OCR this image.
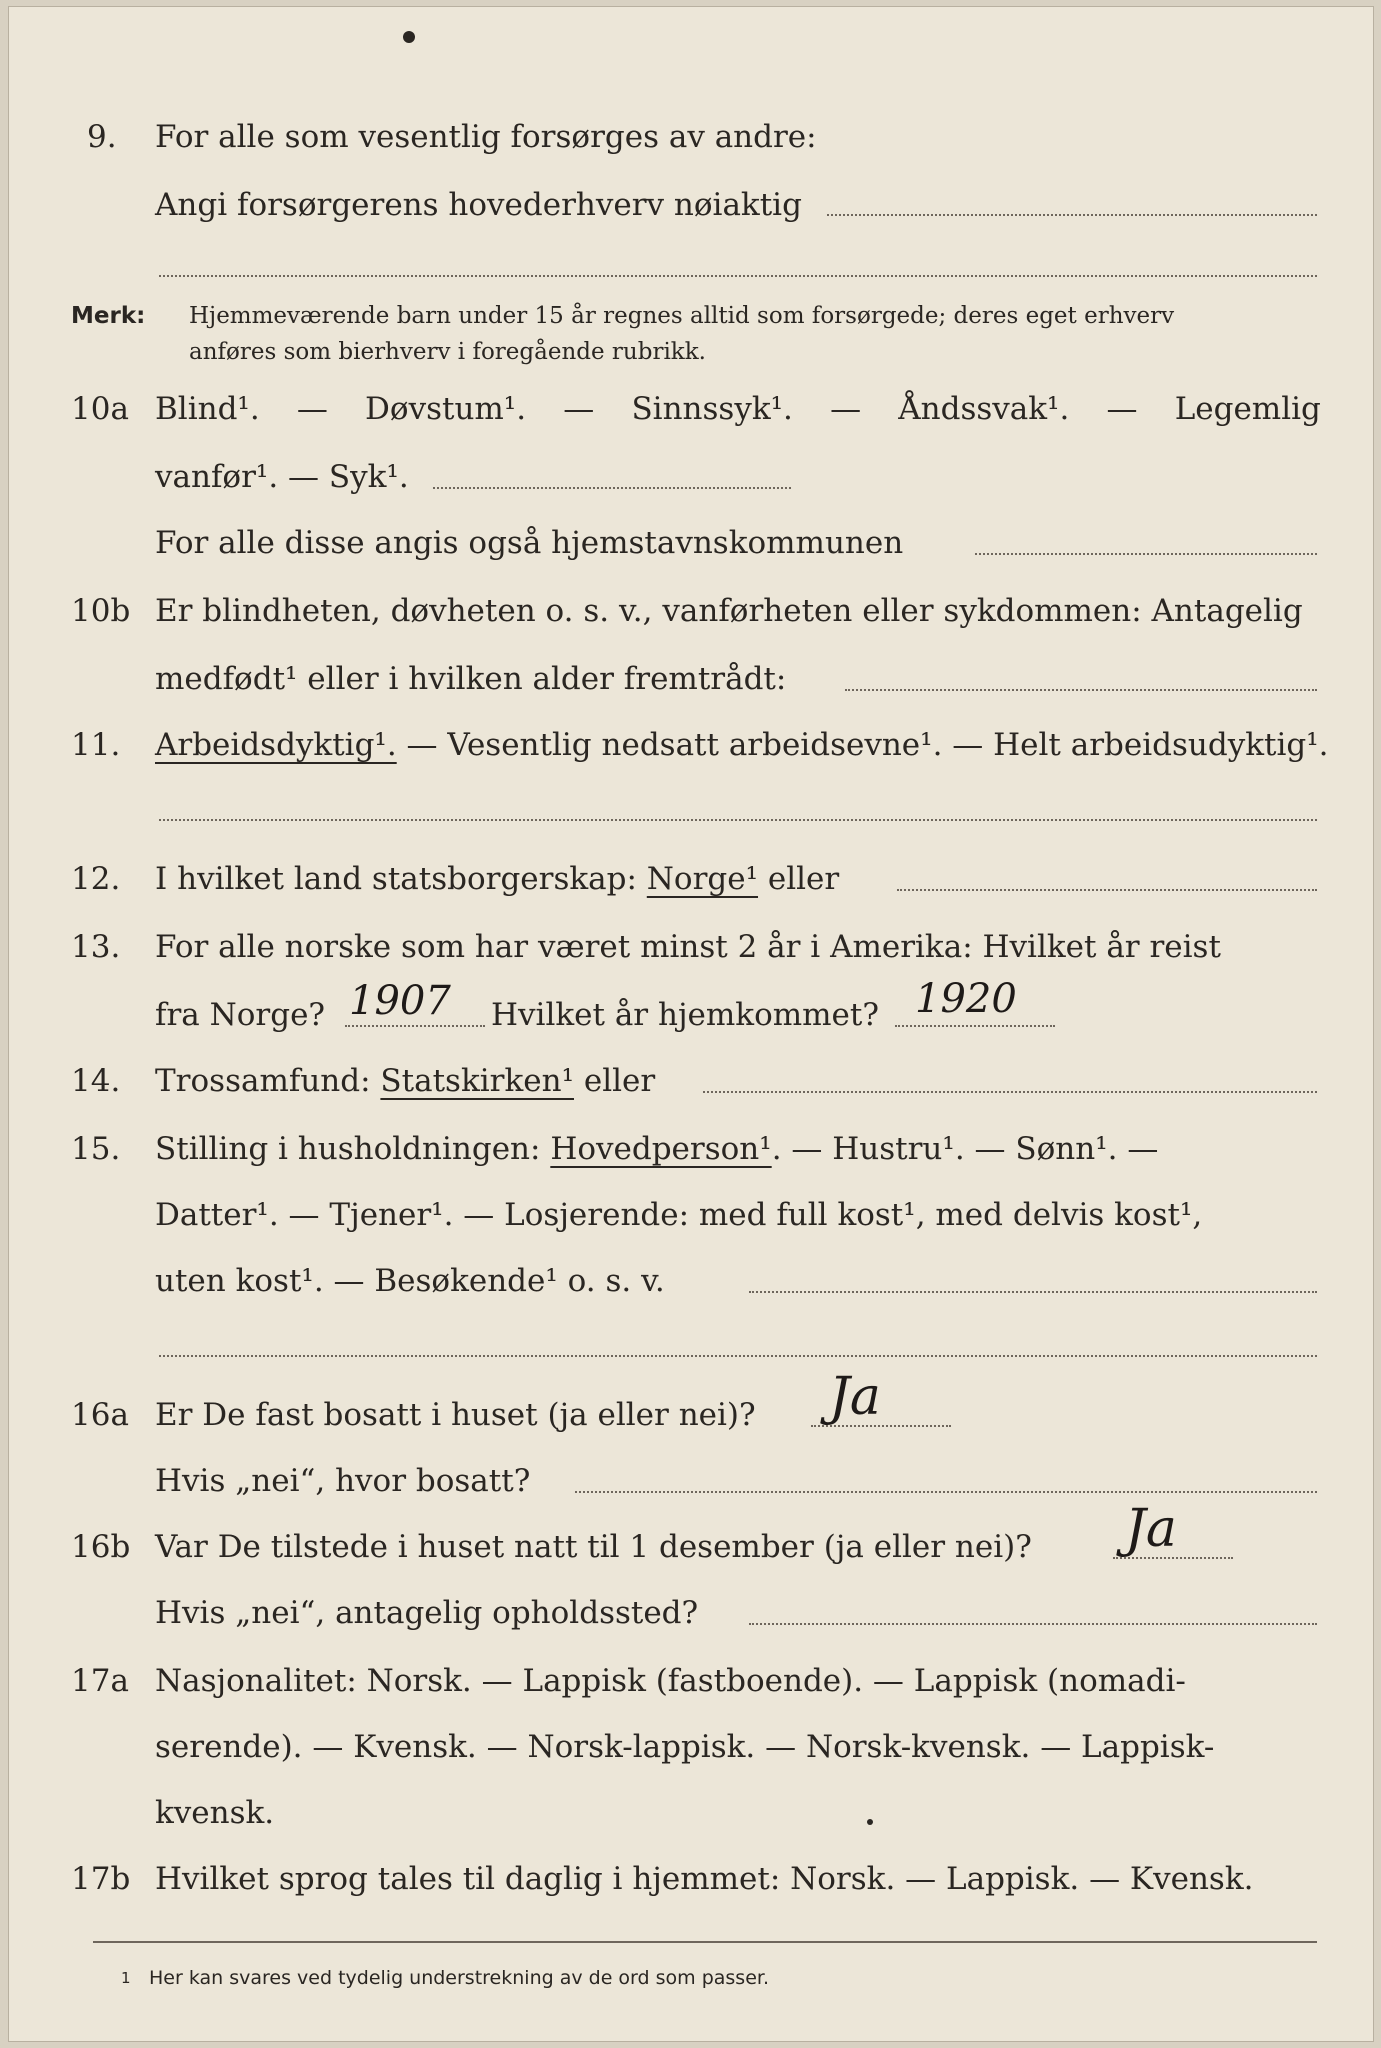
9. For alle som vesentlig forsørges av andre:
Angi forsørgerens hovederhverv nøiaktig
Merk: Hjemmeværende barn under 15 år regnes alltid som forsørgede; deres eget erhverv
anføres som bierhverv i foregående rubrikk.
10a Blind¹. — Døvstum¹. — Sinnssyk¹. — Åndssvak¹. — Legemlig
vanfør¹. — Syk¹.
For alle disse angis også hjemstavnskommunen
10b Er blindheten, døvheten o. s. v., vanførheten eller sykdommen: Antagelig
medfødt¹ eller i hvilken alder fremtrådt:
11. Arbeidsdyktig¹. — Vesentlig nedsatt arbeidsevne¹. — Helt arbeidsudyktig¹.
12. I hvilket land statsborgerskap: Norge¹ eller
13. For alle norske som har været minst 2 år i Amerika: Hvilket år reist
fra Norge? 1907 Hvilket år hjemkommet? 1920
14. Trossamfund: Statskirken¹ eller
15. Stilling i husholdningen: Hovedperson¹. — Hustru¹. — Sønn¹. —
Datter¹. — Tjener¹. — Losjerende: med full kost¹, med delvis kost¹,
uten kost¹. — Besøkende¹ o. s. v.
16a Er De fast bosatt i huset (ja eller nei)? Ja
Hvis „nei“, hvor bosatt?
16b Var De tilstede i huset natt til 1 desember (ja eller nei)? Ja
Hvis „nei“, antagelig opholdssted?
17a Nasjonalitet: Norsk. — Lappisk (fastboende). — Lappisk (nomadi-
serende). — Kvensk. — Norsk-lappisk. — Norsk-kvensk. — Lappisk-
kvensk.
17b Hvilket sprog tales til daglig i hjemmet: Norsk. — Lappisk. — Kvensk.
1 Her kan svares ved tydelig understrekning av de ord som passer.
